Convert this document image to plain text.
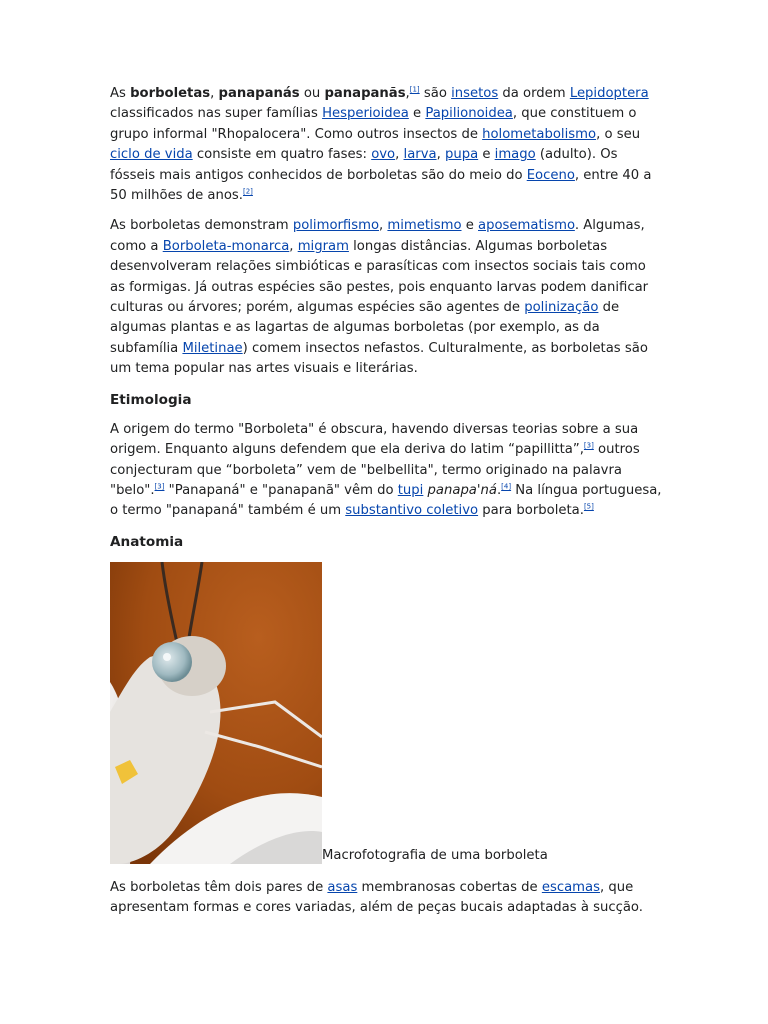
As borboletas, panapanás ou panapanãs,[1] são insetos da ordem Lepidoptera classificados nas super famílias Hesperioidea e Papilionoidea, que constituem o grupo informal "Rhopalocera". Como outros insectos de holometabolismo, o seu ciclo de vida consiste em quatro fases: ovo, larva, pupa e imago (adulto). Os fósseis mais antigos conhecidos de borboletas são do meio do Eoceno, entre 40 a 50 milhões de anos.[2]

As borboletas demonstram polimorfismo, mimetismo e aposematismo. Algumas, como a Borboleta-monarca, migram longas distâncias. Algumas borboletas desenvolveram relações simbióticas e parasíticas com insectos sociais tais como as formigas. Já outras espécies são pestes, pois enquanto larvas podem danificar culturas ou árvores; porém, algumas espécies são agentes de polinização de algumas plantas e as lagartas de algumas borboletas (por exemplo, as da subfamília Miletinae) comem insectos nefastos. Culturalmente, as borboletas são um tema popular nas artes visuais e literárias.

Etimologia

A origem do termo "Borboleta" é obscura, havendo diversas teorias sobre a sua origem. Enquanto alguns defendem que ela deriva do latim “papillitta”,[3] outros conjecturam que “borboleta” vem de "belbellita", termo originado na palavra "belo".[3] "Panapaná" e "panapanã" vêm do tupi panapa'ná.[4] Na língua portuguesa, o termo "panapaná" também é um substantivo coletivo para borboleta.[5]

Anatomia
Macrofotografia de uma borboleta

As borboletas têm dois pares de asas membranosas cobertas de escamas, que apresentam formas e cores variadas, além de peças bucais adaptadas à sucção.
